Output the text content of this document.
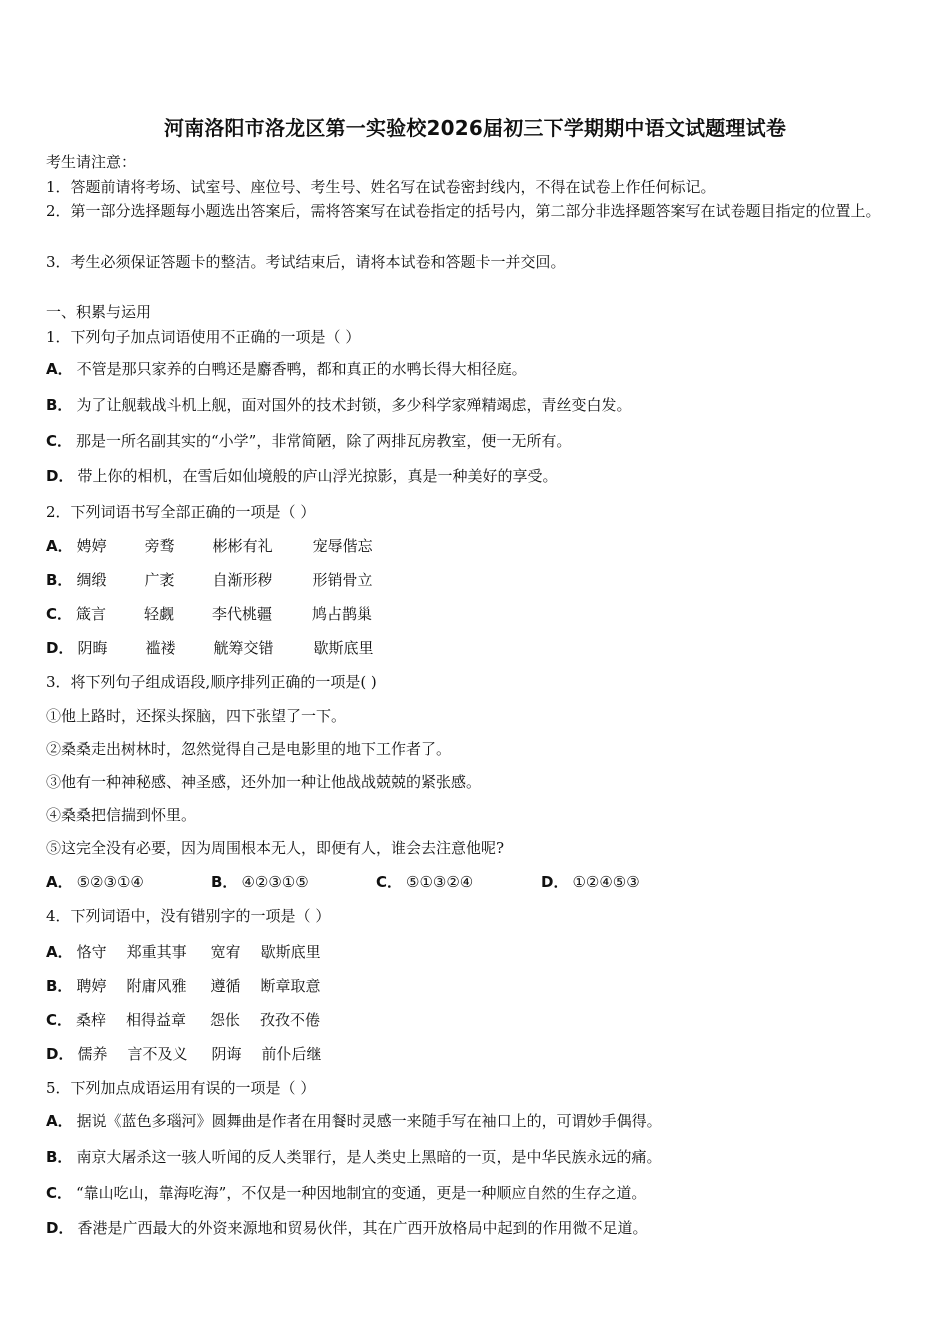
河南洛阳市洛龙区第一实验校2026届初三下学期期中语文试题理试卷
考生请注意：
1．答题前请将考场、试室号、座位号、考生号、姓名写在试卷密封线内，不得在试卷上作任何标记。
2．第一部分选择题每小题选出答案后，需将答案写在试卷指定的括号内，第二部分非选择题答案写在试卷题目指定的位置上。
3．考生必须保证答题卡的整洁。考试结束后，请将本试卷和答题卡一并交回。
一、积累与运用
1．下列句子加点词语使用不正确的一项是（ ）
A． 不管是那只家养的白鸭还是麝香鸭，都和真正的水鸭长得大相径庭。
B． 为了让舰载战斗机上舰，面对国外的技术封锁，多少科学家殚精竭虑，青丝变白发。
C． 那是一所名副其实的“小学”，非常简陋，除了两排瓦房教室，便一无所有。
D． 带上你的相机，在雪后如仙境般的庐山浮光掠影，真是一种美好的享受。
2．下列词语书写全部正确的一项是（ ）
A． 娉婷	旁骛	彬彬有礼	宠辱偕忘
B． 绸缎	广袤	自渐形秽	形销骨立
C． 箴言	轻觑	李代桃疆	鸠占鹊巢
D． 阴晦	褴褛	觥筹交错	歇斯底里
3．将下列句子组成语段,顺序排列正确的一项是( )
①他上路时，还探头探脑，四下张望了一下。
②桑桑走出树林时，忽然觉得自己是电影里的地下工作者了。
③他有一种神秘感、神圣感，还外加一种让他战战兢兢的紧张感。
④桑桑把信揣到怀里。
⑤这完全没有必要，因为周围根本无人，即便有人，谁会去注意他呢?
A． ⑤②③①④	B． ④②③①⑤	C． ⑤①③②④	D． ①②④⑤③
4．下列词语中，没有错别字的一项是（ ）
A． 恪守 郑重其事 宽宥 歇斯底里
B． 聘婷 附庸风雅 遵循 断章取意
C． 桑梓 相得益章 怨伥 孜孜不倦
D． 儒养 言不及义 阴诲 前仆后继
5．下列加点成语运用有误的一项是（ ）
A． 据说《蓝色多瑙河》圆舞曲是作者在用餐时灵感一来随手写在袖口上的，可谓妙手偶得。
B． 南京大屠杀这一骇人听闻的反人类罪行，是人类史上黑暗的一页，是中华民族永远的痛。
C． “靠山吃山，靠海吃海”，不仅是一种因地制宜的变通，更是一种顺应自然的生存之道。
D． 香港是广西最大的外资来源地和贸易伙伴，其在广西开放格局中起到的作用微不足道。
